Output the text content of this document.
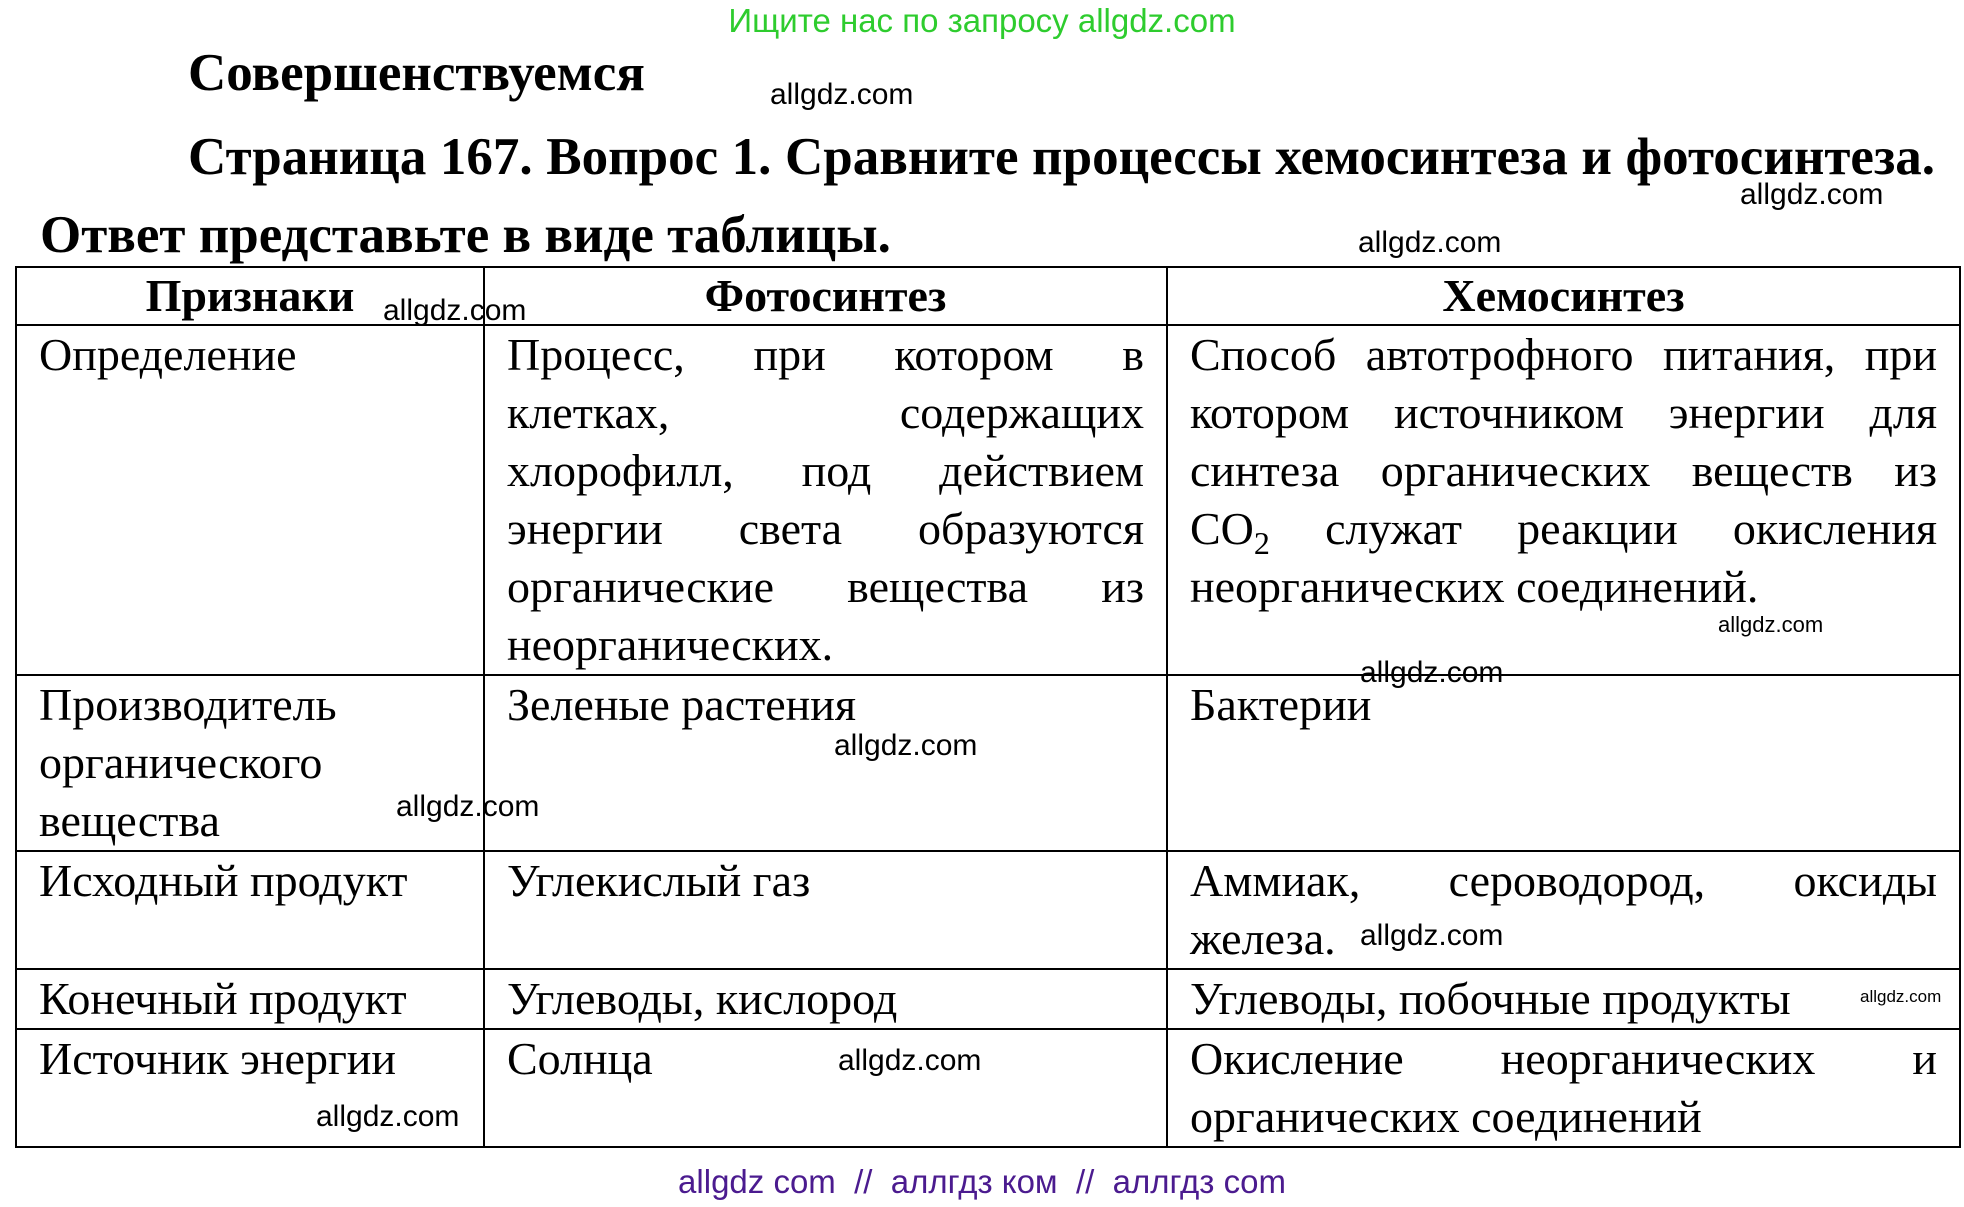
Ищите нас по запросу allgdz.com
Совершенствуемся
Страница 167. Вопрос 1. Сравните процессы хемосинтеза и фотосинтеза. Ответ представьте в виде таблицы.
Признаки	Фотосинтез	Хемосинтез
Определение	Процесс, при котором в клетках, содержащих хлорофилл, под действием энергии света образуются органические вещества из неорганических.	Способ автотрофного питания, при котором источником энергии для синтеза органических веществ из $CO_2$ служат реакции окисления неорганических соединений.
Производитель органического вещества	Зеленые растения	Бактерии
Исходный продукт	Углекислый газ	Аммиак, сероводород, оксиды железа.
Конечный продукт	Углеводы, кислород	Углеводы, побочные продукты
Источник энергии	Солнца	Окисление неорганических и органических соединений
allgdz.com
allgdz.com
allgdz.com
allgdz.com
allgdz.com
allgdz.com
allgdz.com
allgdz.com
allgdz.com
allgdz.com
allgdz.com
allgdz.com
allgdz com  //  аллгдз ком  //  аллгдз com
